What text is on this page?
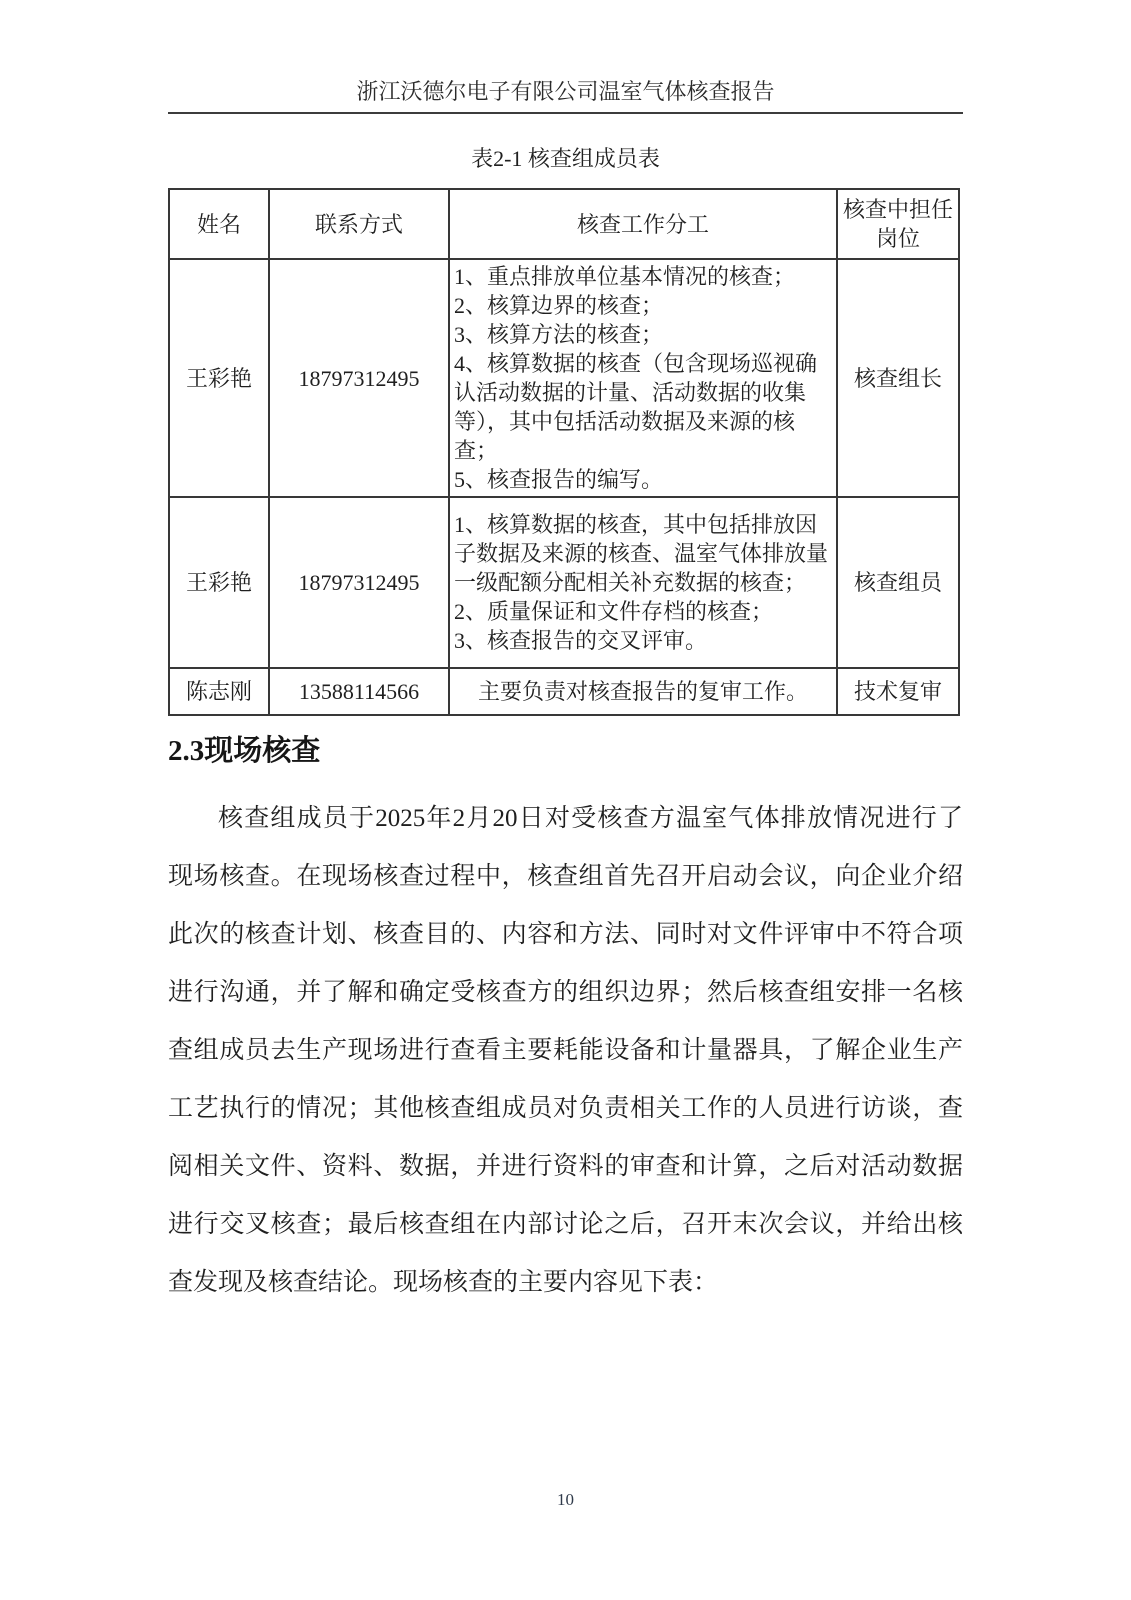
浙江沃德尔电子有限公司温室气体核查报告
表2-1 核查组成员表
姓名	联系方式	核查工作分工	核查中担任岗位
王彩艳	18797312495	1、重点排放单位基本情况的核查；
2、核算边界的核查；
3、核算方法的核查；
4、核算数据的核查（包含现场巡视确认活动数据的计量、活动数据的收集等），其中包括活动数据及来源的核查；
5、核查报告的编写。	核查组长
王彩艳	18797312495	1、核算数据的核查，其中包括排放因子数据及来源的核查、温室气体排放量一级配额分配相关补充数据的核查；
2、质量保证和文件存档的核查；
3、核查报告的交叉评审。	核查组员
陈志刚	13588114566	主要负责对核查报告的复审工作。	技术复审
2.3现场核查
核查组成员于2025年2月20日对受核查方温室气体排放情况进行了
现场核查。在现场核查过程中，核查组首先召开启动会议，向企业介绍
此次的核查计划、核查目的、内容和方法、同时对文件评审中不符合项
进行沟通，并了解和确定受核查方的组织边界；然后核查组安排一名核
查组成员去生产现场进行查看主要耗能设备和计量器具，了解企业生产
工艺执行的情况；其他核查组成员对负责相关工作的人员进行访谈，查
阅相关文件、资料、数据，并进行资料的审查和计算，之后对活动数据
进行交叉核查；最后核查组在内部讨论之后，召开末次会议，并给出核
查发现及核查结论。现场核查的主要内容见下表：
10
